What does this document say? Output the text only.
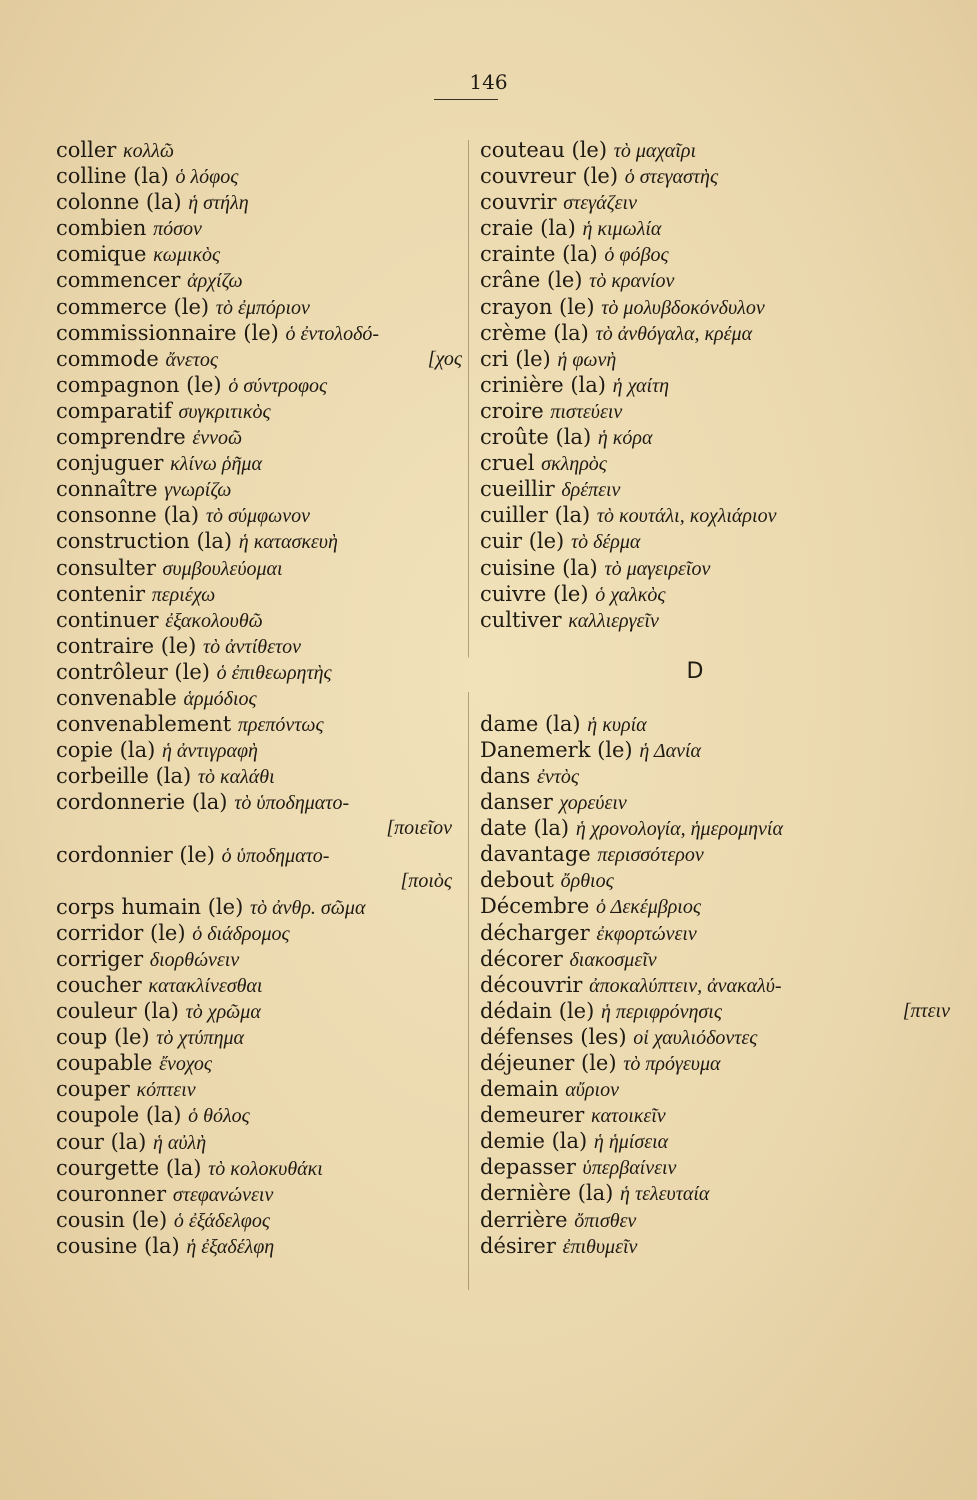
146
coller κολλῶ
colline (la) ὁ λόφος
colonne (la) ἡ στήλη
combien πόσον
comique κωμικὸς
commencer ἀρχίζω
commerce (le) τὸ ἐμπόριον
commissionnaire (le) ὁ ἐντολοδό-
commode ἄνετος	[χος
compagnon (le) ὁ σύντροφος
comparatif συγκριτικὸς
comprendre ἐννοῶ
conjuguer κλίνω ῥῆμα
connaître γνωρίζω
consonne (la) τὸ σύμφωνον
construction (la) ἡ κατασκευὴ
consulter συμβουλεύομαι
contenir περιέχω
continuer ἐξακολουθῶ
contraire (le) τὸ ἀντίθετον
contrôleur (le) ὁ ἐπιθεωρητὴς
convenable ἁρμόδιος
convenablement πρεπόντως
copie (la) ἡ ἀντιγραφὴ
corbeille (la) τὸ καλάθι
cordonnerie (la) τὸ ὑποδηματο-
[ποιεῖον
cordonnier (le) ὁ ὑποδηματο-
[ποιὸς
corps humain (le) τὸ ἀνθρ. σῶμα
corridor (le) ὁ διάδρομος
corriger διορθώνειν
coucher κατακλίνεσθαι
couleur (la) τὸ χρῶμα
coup (le) τὸ χτύπημα
coupable ἔνοχος
couper κόπτειν
coupole (la) ὁ θόλος
cour (la) ἡ αὐλὴ
courgette (la) τὸ κολοκυθάκι
couronner στεφανώνειν
cousin (le) ὁ ἐξάδελφος
cousine (la) ἡ ἐξαδέλφη
couteau (le) τὸ μαχαῖρι
couvreur (le) ὁ στεγαστὴς
couvrir στεγάζειν
craie (la) ἡ κιμωλία
crainte (la) ὁ φόβος
crâne (le) τὸ κρανίον
crayon (le) τὸ μολυβδοκόνδυλον
crème (la) τὸ ἀνθόγαλα, κρέμα
cri (le) ἡ φωνὴ
crinière (la) ἡ χαίτη
croire πιστεύειν
croûte (la) ἡ κόρα
cruel σκληρὸς
cueillir δρέπειν
cuiller (la) τὸ κουτάλι, κοχλιάριον
cuir (le) τὸ δέρμα
cuisine (la) τὸ μαγειρεῖον
cuivre (le) ὁ χαλκὸς
cultiver καλλιεργεῖν
D
dame (la) ἡ κυρία
Danemerk (le) ἡ Δανία
dans ἐντὸς
danser χορεύειν
date (la) ἡ χρονολογία, ἡμερομηνία
davantage περισσότερον
debout ὄρθιος
Décembre ὁ Δεκέμβριος
décharger ἐκφορτώνειν
décorer διακοσμεῖν
découvrir ἀποκαλύπτειν, ἀνακαλύ-
dédain (le) ἡ περιφρόνησις	[πτειν
défenses (les) οἱ χαυλιόδοντες
déjeuner (le) τὸ πρόγευμα
demain αὔριον
demeurer κατοικεῖν
demie (la) ἡ ἡμίσεια
depasser ὑπερβαίνειν
dernière (la) ἡ τελευταία
derrière ὄπισθεν
désirer ἐπιθυμεῖν
